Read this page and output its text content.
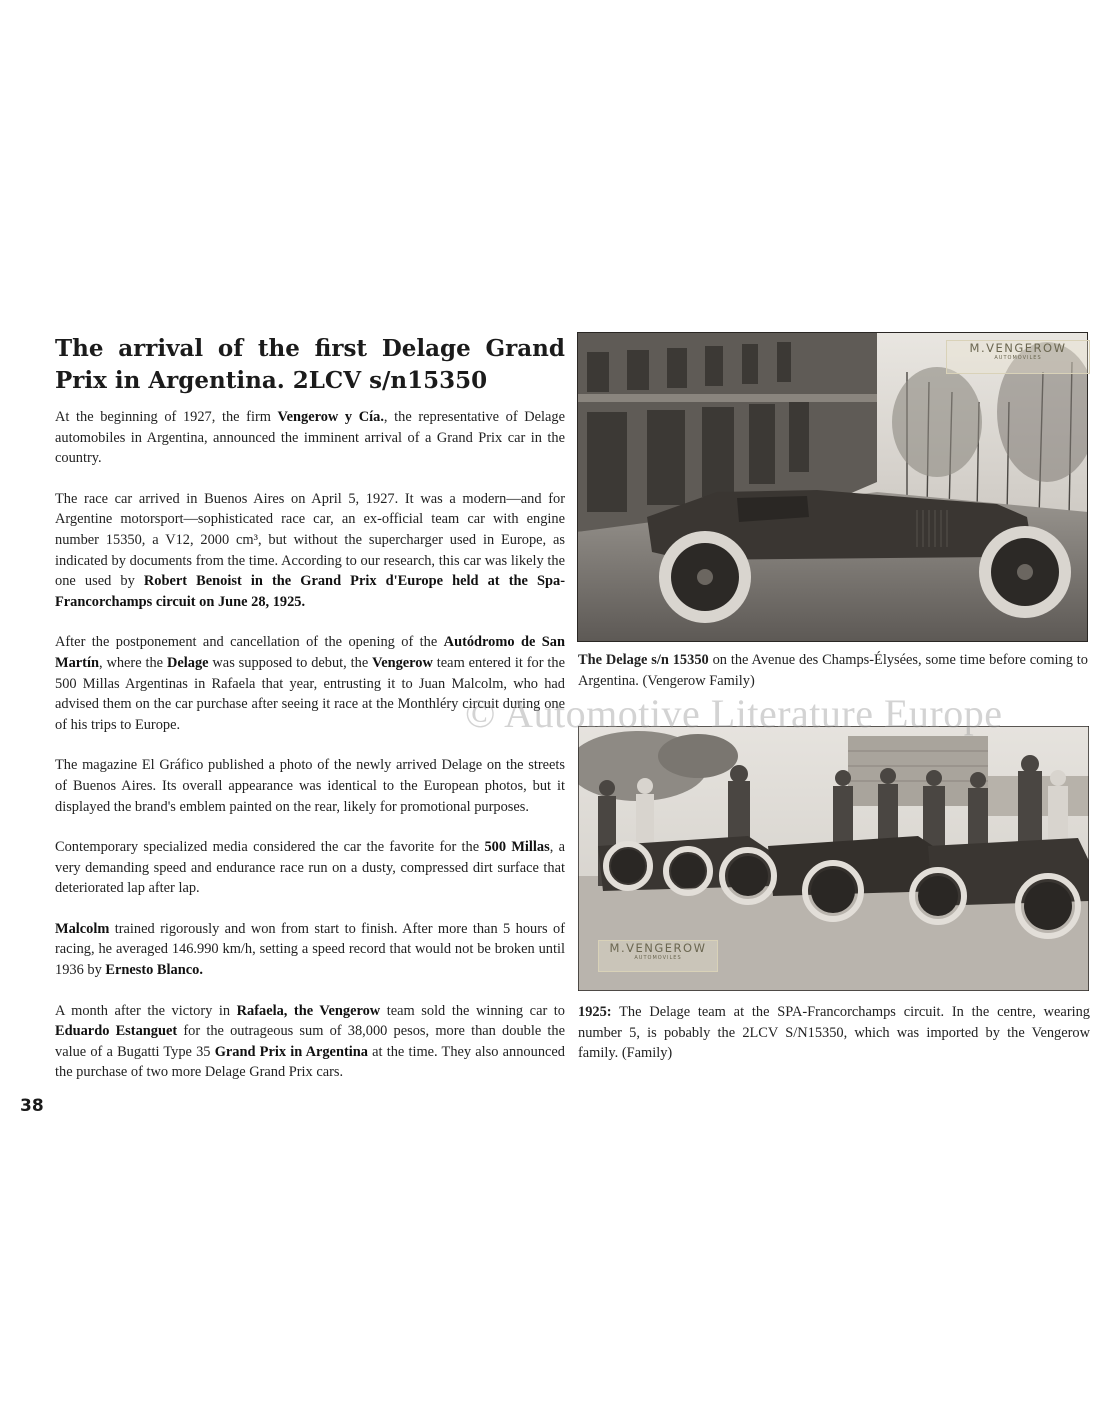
The arrival of the first Delage Grand Prix in Argentina. 2LCV s/n15350

At the beginning of 1927, the firm Vengerow y Cía., the representative of Delage automobiles in Argentina, announced the imminent arrival of a Grand Prix car in the country.

The race car arrived in Buenos Aires on April 5, 1927. It was a modern—and for Argentine motorsport—sophisticated race car, an ex-official team car with engine number 15350, a V12, 2000 cm³, but without the supercharger used in Europe, as indicated by documents from the time. According to our research, this car was likely the one used by Robert Benoist in the Grand Prix d'Europe held at the Spa-Francorchamps circuit on June 28, 1925.

After the postponement and cancellation of the opening of the Autódromo de San Martín, where the Delage was supposed to debut, the Vengerow team entered it for the 500 Millas Argentinas in Rafaela that year, entrusting it to Juan Malcolm, who had advised them on the car purchase after seeing it race at the Monthléry circuit during one of his trips to Europe.

The magazine El Gráfico published a photo of the newly arrived Delage on the streets of Buenos Aires. Its overall appearance was identical to the European photos, but it displayed the brand's emblem painted on the rear, likely for promotional purposes.

Contemporary specialized media considered the car the favorite for the 500 Millas, a very demanding speed and endurance race run on a dusty, compressed dirt surface that deteriorated lap after lap.

Malcolm trained rigorously and won from start to finish. After more than 5 hours of racing, he averaged 146.990 km/h, setting a speed record that would not be broken until 1936 by Ernesto Blanco.

A month after the victory in Rafaela, the Vengerow team sold the winning car to Eduardo Estanguet for the outrageous sum of 38,000 pesos, more than double the value of a Bugatti Type 35 Grand Prix in Argentina at the time. They also announced the purchase of two more Delage Grand Prix cars.

M.VENGEROW
AUTOMOVILES
The Delage s/n 15350 on the Avenue des Champs-Élysées, some time before coming to Argentina. (Vengerow Family)
M.VENGEROW
AUTOMOVILES
1925: The Delage team at the SPA-Francorchamps circuit. In the centre, wearing number 5, is pobably the 2LCV S/N15350, which was imported by the Vengerow family. (Family)
© Automotive Literature Europe
38
